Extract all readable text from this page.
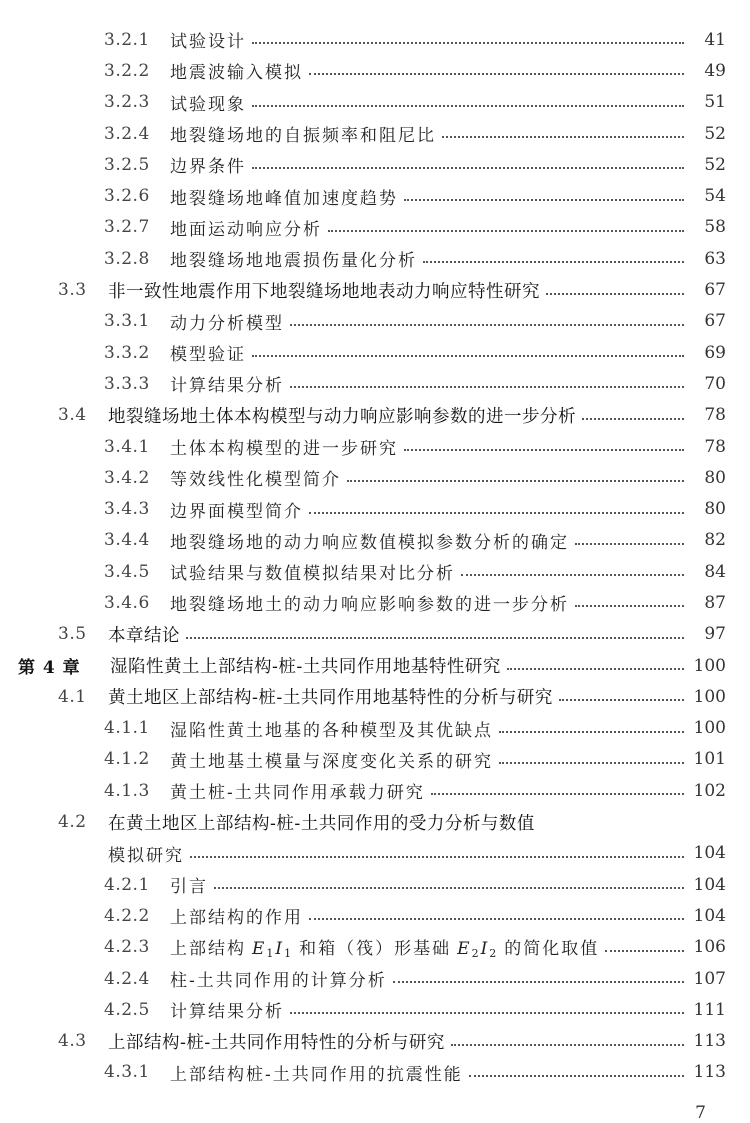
3.2.1	试验设计	41
3.2.2	地震波输入模拟	49
3.2.3	试验现象	51
3.2.4	地裂缝场地的自振频率和阻尼比	52
3.2.5	边界条件	52
3.2.6	地裂缝场地峰值加速度趋势	54
3.2.7	地面运动响应分析	58
3.2.8	地裂缝场地地震损伤量化分析	63
3.3	非一致性地震作用下地裂缝场地地表动力响应特性研究	67
3.3.1	动力分析模型	67
3.3.2	模型验证	69
3.3.3	计算结果分析	70
3.4	地裂缝场地土体本构模型与动力响应影响参数的进一步分析	78
3.4.1	土体本构模型的进一步研究	78
3.4.2	等效线性化模型简介	80
3.4.3	边界面模型简介	80
3.4.4	地裂缝场地的动力响应数值模拟参数分析的确定	82
3.4.5	试验结果与数值模拟结果对比分析	84
3.4.6	地裂缝场地土的动力响应影响参数的进一步分析	87
3.5	本章结论	97
第 4 章	湿陷性黄土上部结构-桩-土共同作用地基特性研究	100
4.1	黄土地区上部结构-桩-土共同作用地基特性的分析与研究	100
4.1.1	湿陷性黄土地基的各种模型及其优缺点	100
4.1.2	黄土地基土模量与深度变化关系的研究	101
4.1.3	黄土桩-土共同作用承载力研究	102
4.2	在黄土地区上部结构-桩-土共同作用的受力分析与数值
模拟研究	104
4.2.1	引言	104
4.2.2	上部结构的作用	104
4.2.3	上部结构 $E_1I_1$ 和箱（筏）形基础 $E_2I_2$ 的简化取值	106
4.2.4	柱-土共同作用的计算分析	107
4.2.5	计算结果分析	111
4.3	上部结构-桩-土共同作用特性的分析与研究	113
4.3.1	上部结构桩-土共同作用的抗震性能	113
7
